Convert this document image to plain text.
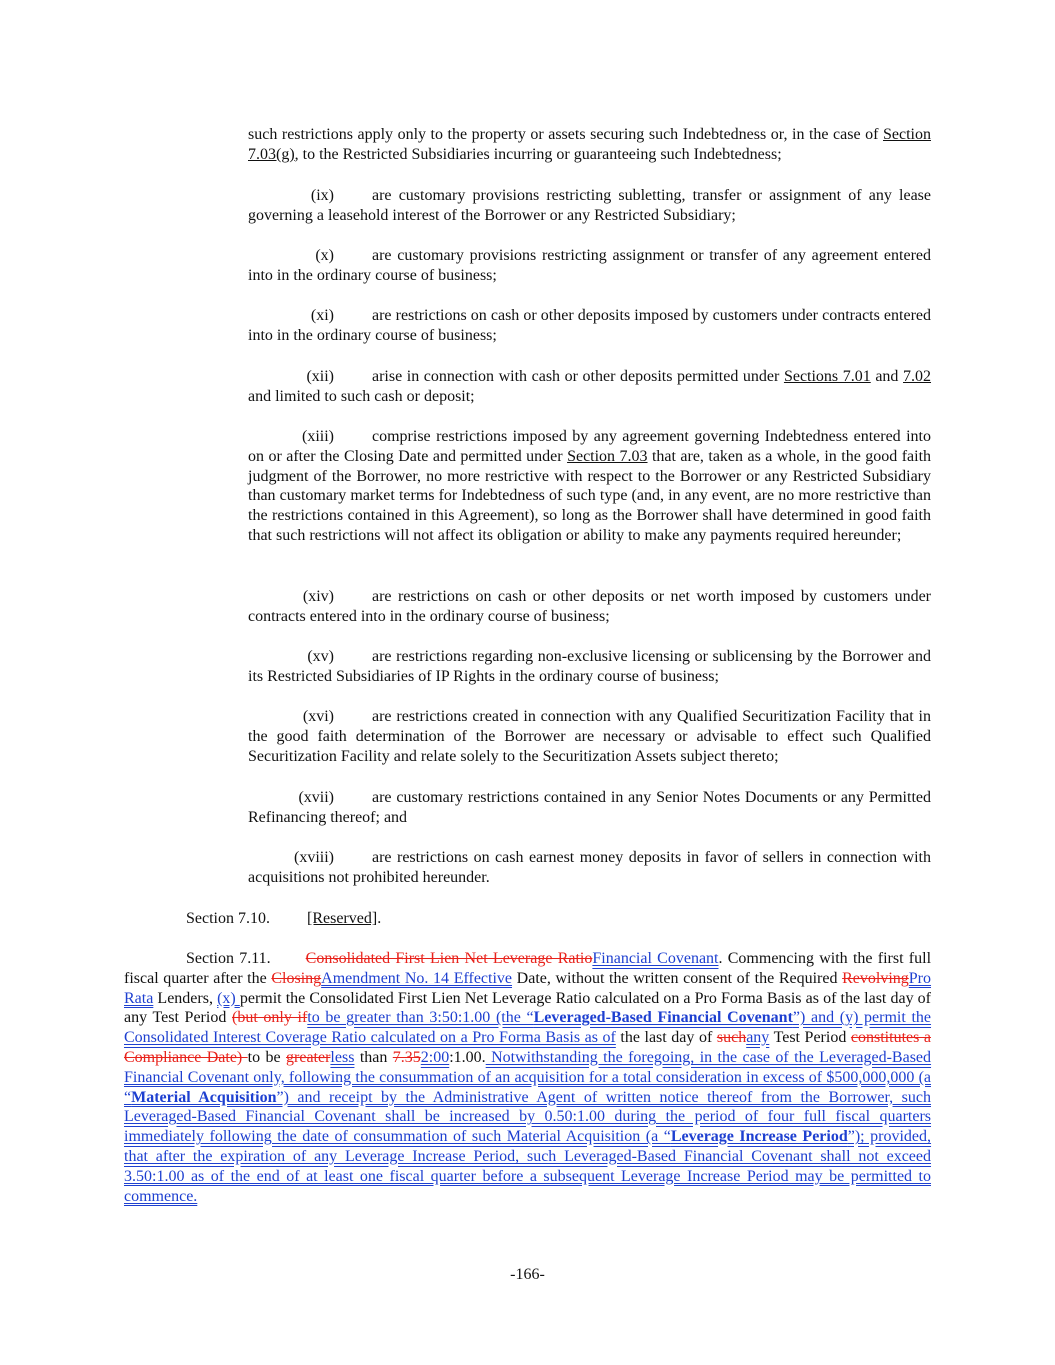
such restrictions apply only to the property or assets securing such Indebtedness or, in the case of Section 7.03(g), to the Restricted Subsidiaries incurring or guaranteeing such Indebtedness;

(ix) are customary provisions restricting subletting, transfer or assignment of any lease governing a leasehold interest of the Borrower or any Restricted Subsidiary;

(x) are customary provisions restricting assignment or transfer of any agreement entered into in the ordinary course of business;

(xi) are restrictions on cash or other deposits imposed by customers under contracts entered into in the ordinary course of business;

(xii) arise in connection with cash or other deposits permitted under Sections 7.01 and 7.02 and limited to such cash or deposit;

(xiii) comprise restrictions imposed by any agreement governing Indebtedness entered into on or after the Closing Date and permitted under Section 7.03 that are, taken as a whole, in the good faith judgment of the Borrower, no more restrictive with respect to the Borrower or any Restricted Subsidiary than customary market terms for Indebtedness of such type (and, in any event, are no more restrictive than the restrictions contained in this Agreement), so long as the Borrower shall have determined in good faith that such restrictions will not affect its obligation or ability to make any payments required hereunder;

(xiv) are restrictions on cash or other deposits or net worth imposed by customers under contracts entered into in the ordinary course of business;

(xv) are restrictions regarding non-exclusive licensing or sublicensing by the Borrower and its Restricted Subsidiaries of IP Rights in the ordinary course of business;

(xvi) are restrictions created in connection with any Qualified Securitization Facility that in the good faith determination of the Borrower are necessary or advisable to effect such Qualified Securitization Facility and relate solely to the Securitization Assets subject thereto;

(xvii) are customary restrictions contained in any Senior Notes Documents or any Permitted Refinancing thereof; and

(xviii) are restrictions on cash earnest money deposits in favor of sellers in connection with acquisitions not prohibited hereunder.

Section 7.10. [Reserved].

Section 7.11. Consolidated First Lien Net Leverage RatioFinancial Covenant. Commencing with the first full fiscal quarter after the ClosingAmendment No. 14 Effective Date, without the written consent of the Required RevolvingPro Rata Lenders, (x) permit the Consolidated First Lien Net Leverage Ratio calculated on a Pro Forma Basis as of the last day of any Test Period (but only ifto be greater than 3:50:1.00 (the “Leveraged-Based Financial Covenant”) and (y) permit the Consolidated Interest Coverage Ratio calculated on a Pro Forma Basis as of the last day of suchany Test Period constitutes a Compliance Date) to be greaterless than 7.352:00:1.00. Notwithstanding the foregoing, in the case of the Leveraged-Based Financial Covenant only, following the consummation of an acquisition for a total consideration in excess of $500,000,000 (a “Material Acquisition”) and receipt by the Administrative Agent of written notice thereof from the Borrower, such Leveraged-Based Financial Covenant shall be increased by 0.50:1.00 during the period of four full fiscal quarters immediately following the date of consummation of such Material Acquisition (a “Leverage Increase Period”); provided, that after the expiration of any Leverage Increase Period, such Leveraged-Based Financial Covenant shall not exceed 3.50:1.00 as of the end of at least one fiscal quarter before a subsequent Leverage Increase Period may be permitted to commence.

-166-
